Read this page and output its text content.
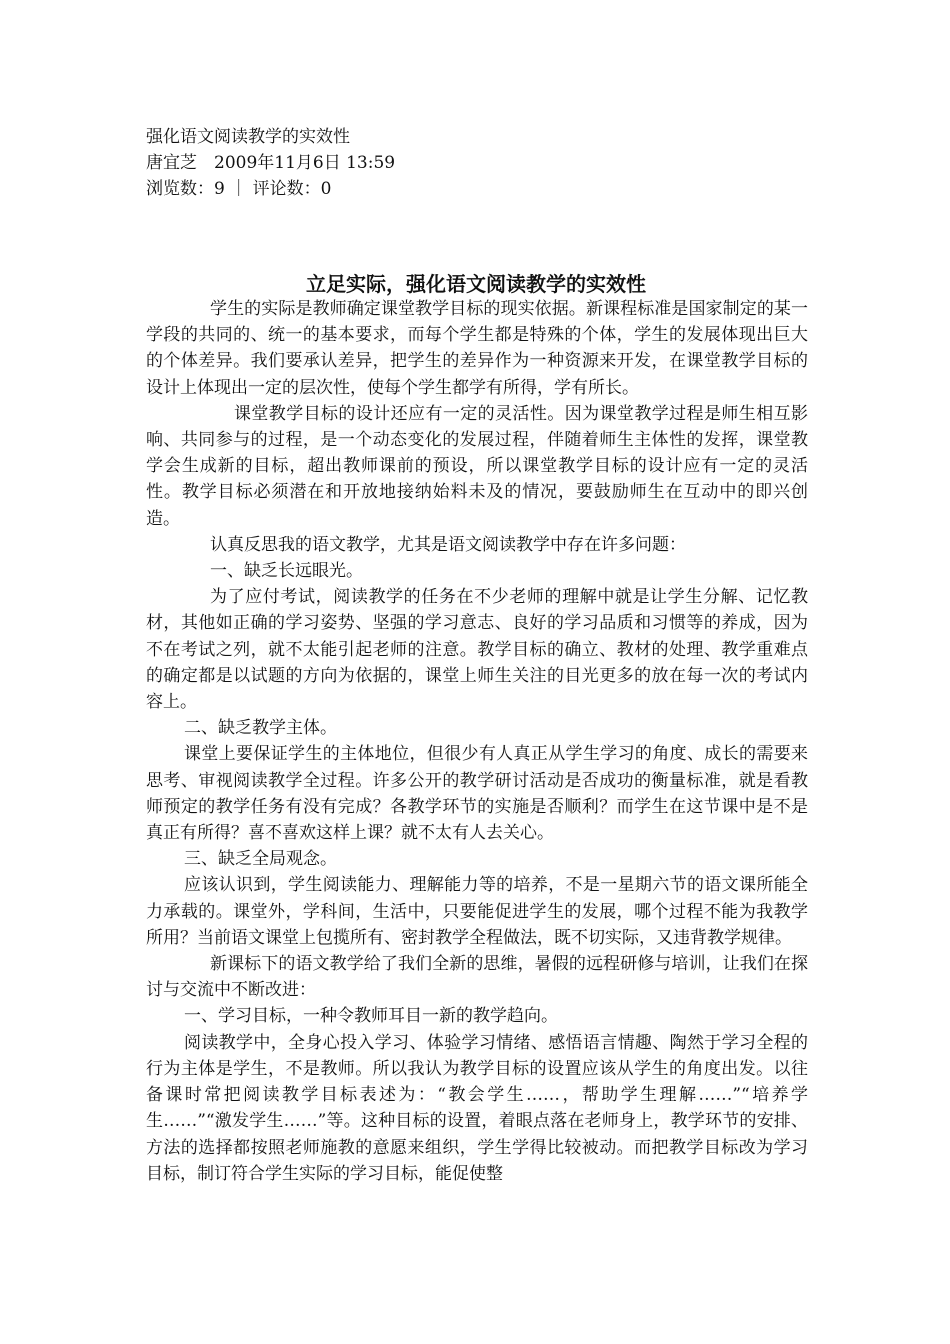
强化语文阅读教学的实效性
唐宜芝　2009年11月6日 13:59
浏览数：9 ｜ 评论数：0
立足实际，强化语文阅读教学的实效性

学生的实际是教师确定课堂教学目标的现实依据。新课程标准是国家制定的某一学段的共同的、统一的基本要求，而每个学生都是特殊的个体，学生的发展体现出巨大的个体差异。我们要承认差异，把学生的差异作为一种资源来开发，在课堂教学目标的设计上体现出一定的层次性，使每个学生都学有所得，学有所长。

课堂教学目标的设计还应有一定的灵活性。因为课堂教学过程是师生相互影响、共同参与的过程，是一个动态变化的发展过程，伴随着师生主体性的发挥，课堂教学会生成新的目标，超出教师课前的预设，所以课堂教学目标的设计应有一定的灵活性。教学目标必须潜在和开放地接纳始料未及的情况，要鼓励师生在互动中的即兴创造。

认真反思我的语文教学，尤其是语文阅读教学中存在许多问题：

一、缺乏长远眼光。

为了应付考试，阅读教学的任务在不少老师的理解中就是让学生分解、记忆教材，其他如正确的学习姿势、坚强的学习意志、良好的学习品质和习惯等的养成，因为不在考试之列，就不太能引起老师的注意。教学目标的确立、教材的处理、教学重难点的确定都是以试题的方向为依据的，课堂上师生关注的目光更多的放在每一次的考试内容上。

二、缺乏教学主体。

课堂上要保证学生的主体地位，但很少有人真正从学生学习的角度、成长的需要来思考、审视阅读教学全过程。许多公开的教学研讨活动是否成功的衡量标准，就是看教师预定的教学任务有没有完成？各教学环节的实施是否顺利？而学生在这节课中是不是真正有所得？喜不喜欢这样上课？就不太有人去关心。

三、缺乏全局观念。

应该认识到，学生阅读能力、理解能力等的培养，不是一星期六节的语文课所能全力承载的。课堂外，学科间，生活中，只要能促进学生的发展，哪个过程不能为我教学所用？当前语文课堂上包揽所有、密封教学全程做法，既不切实际，又违背教学规律。

新课标下的语文教学给了我们全新的思维，暑假的远程研修与培训，让我们在探讨与交流中不断改进：

一、学习目标，一种令教师耳目一新的教学趋向。

阅读教学中，全身心投入学习、体验学习情绪、感悟语言情趣、陶然于学习全程的行为主体是学生，不是教师。所以我认为教学目标的设置应该从学生的角度出发。以往备课时常把阅读教学目标表述为：“教会学生……，帮助学生理解……”“培养学生……”“激发学生……”等。这种目标的设置，着眼点落在老师身上，教学环节的安排、方法的选择都按照老师施教的意愿来组织，学生学得比较被动。而把教学目标改为学习目标，制订符合学生实际的学习目标，能促使整
